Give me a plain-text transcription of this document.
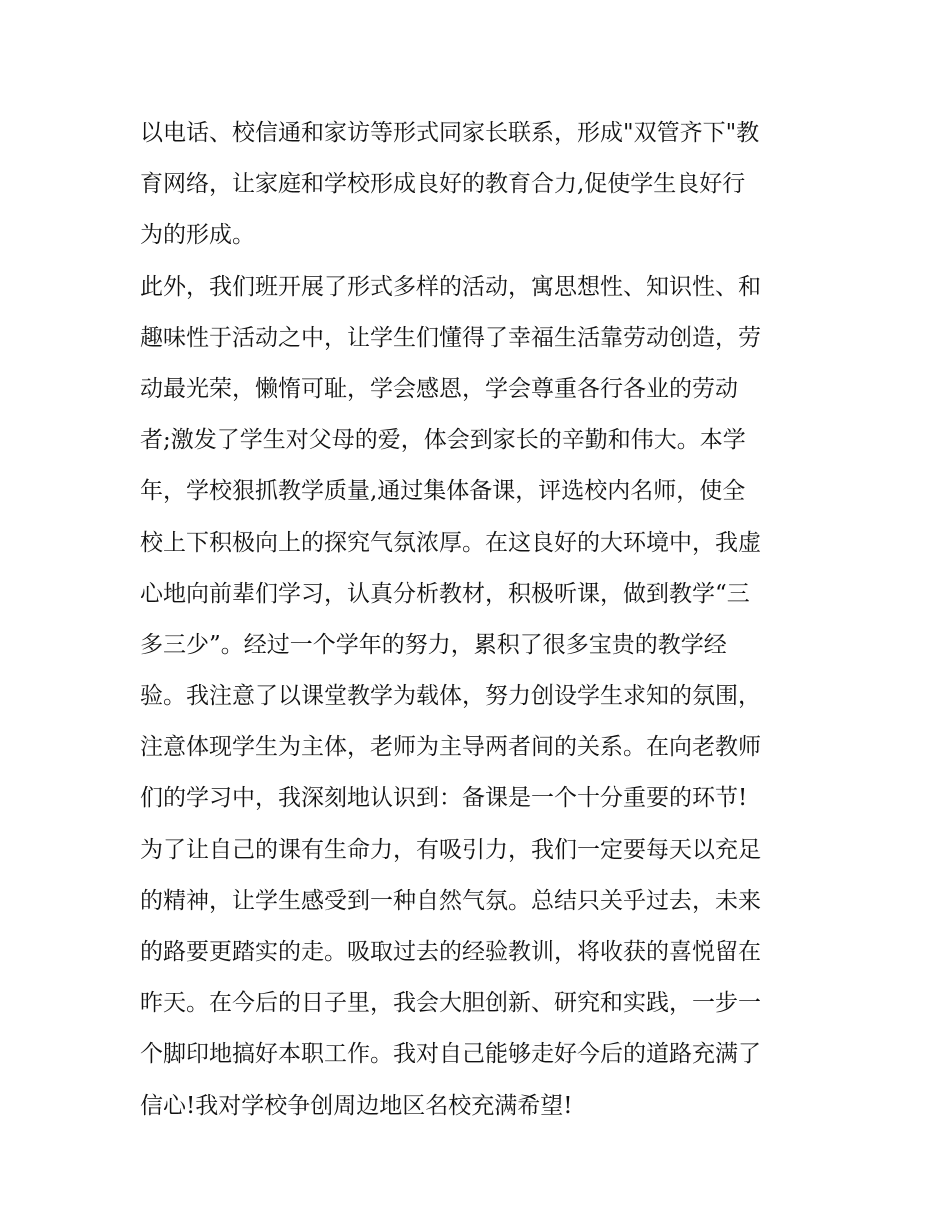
以电话、校信通和家访等形式同家长联系，形成"双管齐下"教
育网络，让家庭和学校形成良好的教育合力,促使学生良好行
为的形成。
此外，我们班开展了形式多样的活动，寓思想性、知识性、和
趣味性于活动之中，让学生们懂得了幸福生活靠劳动创造，劳
动最光荣，懒惰可耻，学会感恩，学会尊重各行各业的劳动
者;激发了学生对父母的爱，体会到家长的辛勤和伟大。本学
年，学校狠抓教学质量,通过集体备课，评选校内名师，使全
校上下积极向上的探究气氛浓厚。在这良好的大环境中，我虚
心地向前辈们学习，认真分析教材，积极听课，做到教学“三
多三少”。经过一个学年的努力，累积了很多宝贵的教学经
验。我注意了以课堂教学为载体，努力创设学生求知的氛围，
注意体现学生为主体，老师为主导两者间的关系。在向老教师
们的学习中，我深刻地认识到：备课是一个十分重要的环节!
为了让自己的课有生命力，有吸引力，我们一定要每天以充足
的精神，让学生感受到一种自然气氛。总结只关乎过去，未来
的路要更踏实的走。吸取过去的经验教训，将收获的喜悦留在
昨天。在今后的日子里，我会大胆创新、研究和实践，一步一
个脚印地搞好本职工作。我对自己能够走好今后的道路充满了
信心!我对学校争创周边地区名校充满希望!
